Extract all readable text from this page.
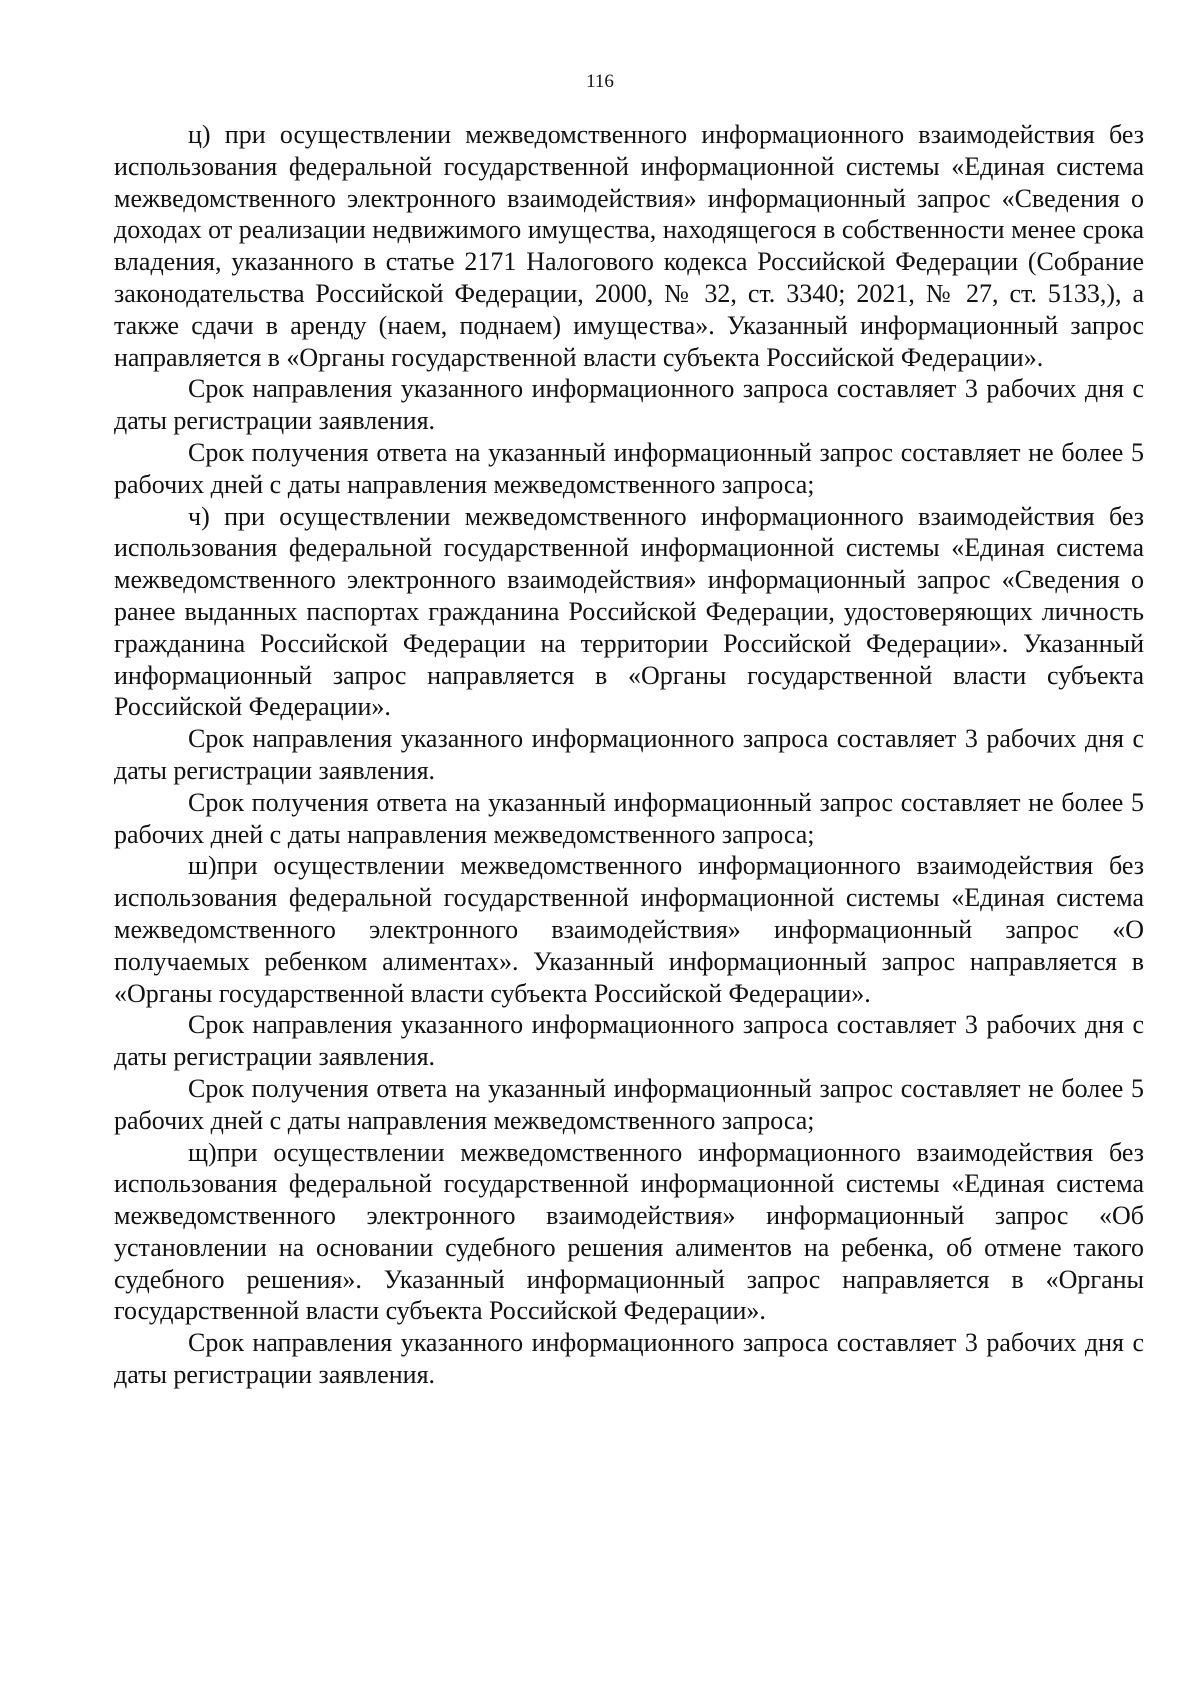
116

ц) при осуществлении межведомственного информационного взаимодействия без использования федеральной государственной информационной системы «Единая система межведомственного электронного взаимодействия» информационный запрос «Сведения о доходах от реализации недвижимого имущества, находящегося в собственности менее срока владения, указанного в статье 2171 Налогового кодекса Российской Федерации (Собрание законодательства Российской Федерации, 2000, № 32, ст. 3340; 2021, № 27, ст. 5133,), а также сдачи в аренду (наем, поднаем) имущества». Указанный информационный запрос направляется в «Органы государственной власти субъекта Российской Федерации».

Срок направления указанного информационного запроса составляет 3 рабочих дня с даты регистрации заявления.

Срок получения ответа на указанный информационный запрос составляет не более 5 рабочих дней с даты направления межведомственного запроса;

ч) при осуществлении межведомственного информационного взаимодействия без использования федеральной государственной информационной системы «Единая система межведомственного электронного взаимодействия» информационный запрос «Сведения о ранее выданных паспортах гражданина Российской Федерации, удостоверяющих личность гражданина Российской Федерации на территории Российской Федерации». Указанный информационный запрос направляется в «Органы государственной власти субъекта Российской Федерации».

Срок направления указанного информационного запроса составляет 3 рабочих дня с даты регистрации заявления.

Срок получения ответа на указанный информационный запрос составляет не более 5 рабочих дней с даты направления межведомственного запроса;

ш)при осуществлении межведомственного информационного взаимодействия без использования федеральной государственной информационной системы «Единая система межведомственного электронного взаимодействия» информационный запрос «О получаемых ребенком алиментах». Указанный информационный запрос направляется в «Органы государственной власти субъекта Российской Федерации».

Срок направления указанного информационного запроса составляет 3 рабочих дня с даты регистрации заявления.

Срок получения ответа на указанный информационный запрос составляет не более 5 рабочих дней с даты направления межведомственного запроса;

щ)при осуществлении межведомственного информационного взаимодействия без использования федеральной государственной информационной системы «Единая система межведомственного электронного взаимодействия» информационный запрос «Об установлении на основании судебного решения алиментов на ребенка, об отмене такого судебного решения». Указанный информационный запрос направляется в «Органы государственной власти субъекта Российской Федерации».

Срок направления указанного информационного запроса составляет 3 рабочих дня с даты регистрации заявления.
